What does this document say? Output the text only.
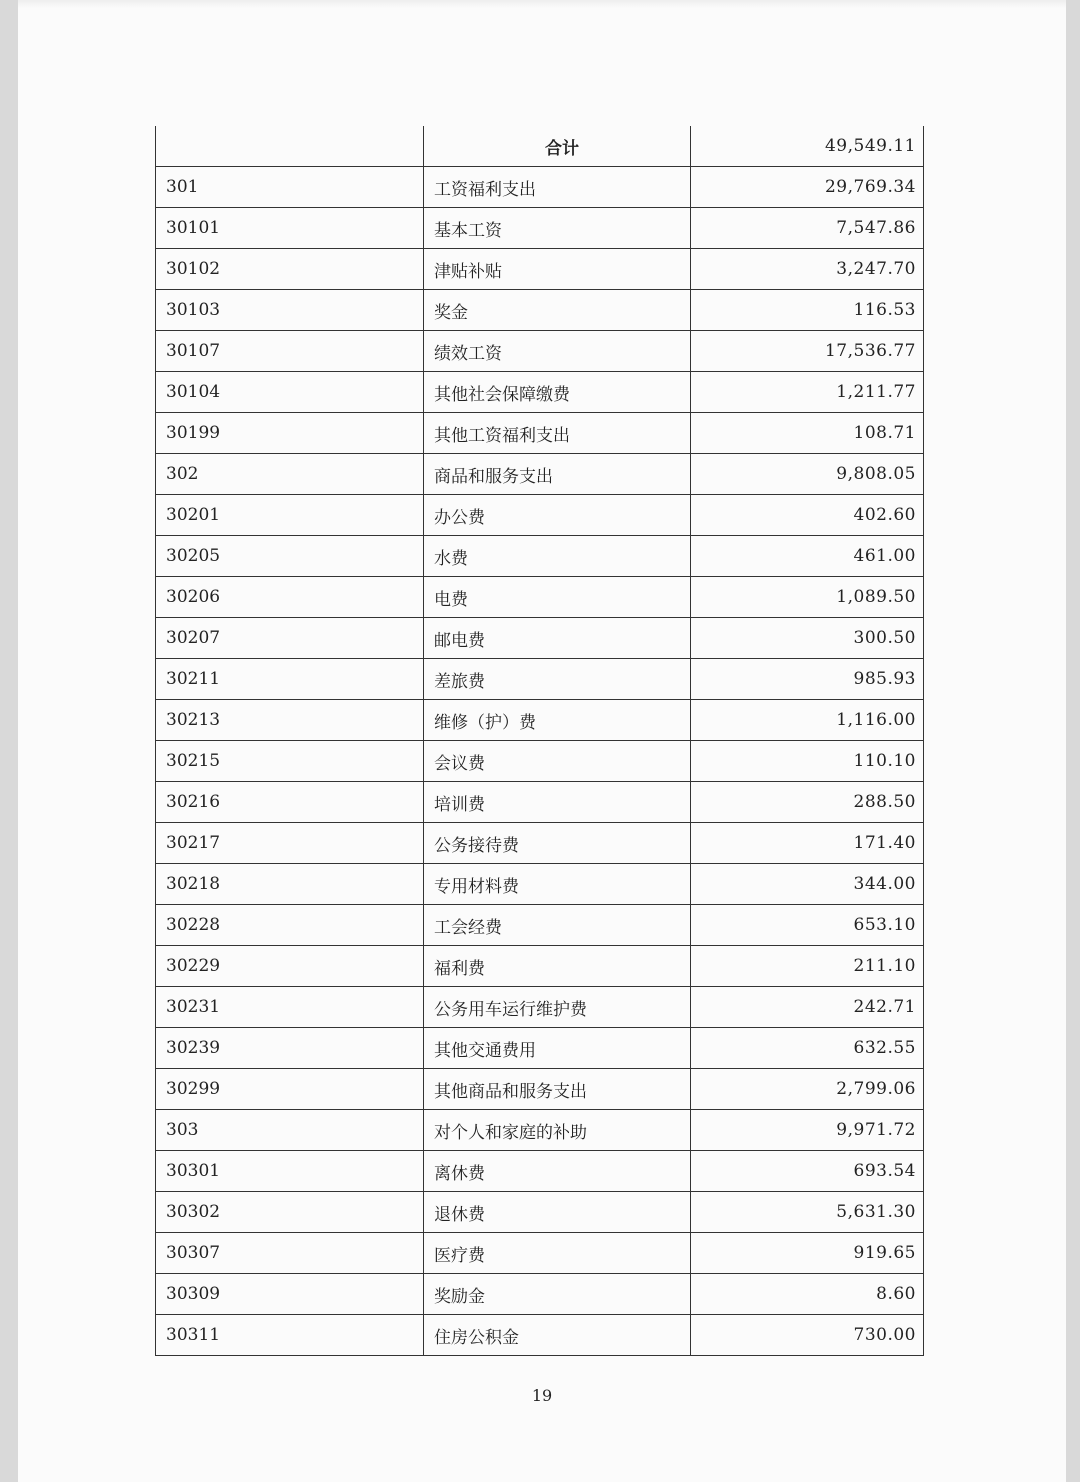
	合计	49,549.11
301	工资福利支出	29,769.34
30101	基本工资	7,547.86
30102	津贴补贴	3,247.70
30103	奖金	116.53
30107	绩效工资	17,536.77
30104	其他社会保障缴费	1,211.77
30199	其他工资福利支出	108.71
302	商品和服务支出	9,808.05
30201	办公费	402.60
30205	水费	461.00
30206	电费	1,089.50
30207	邮电费	300.50
30211	差旅费	985.93
30213	维修（护）费	1,116.00
30215	会议费	110.10
30216	培训费	288.50
30217	公务接待费	171.40
30218	专用材料费	344.00
30228	工会经费	653.10
30229	福利费	211.10
30231	公务用车运行维护费	242.71
30239	其他交通费用	632.55
30299	其他商品和服务支出	2,799.06
303	对个人和家庭的补助	9,971.72
30301	离休费	693.54
30302	退休费	5,631.30
30307	医疗费	919.65
30309	奖励金	8.60
30311	住房公积金	730.00
19
